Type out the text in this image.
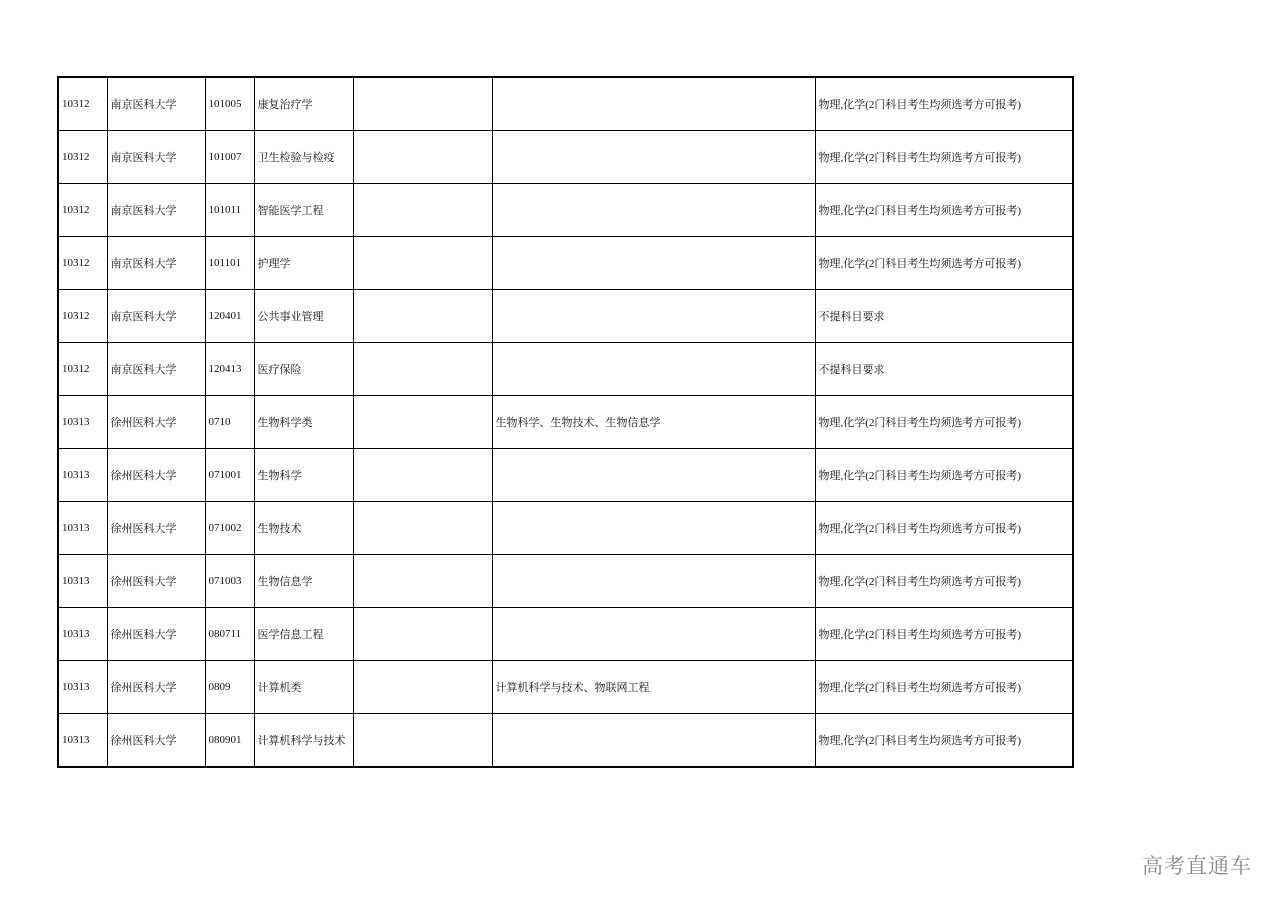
10312	南京医科大学	101005	康复治疗学			物理,化学(2门科目考生均须选考方可报考)
10312	南京医科大学	101007	卫生检验与检疫			物理,化学(2门科目考生均须选考方可报考)
10312	南京医科大学	101011	智能医学工程			物理,化学(2门科目考生均须选考方可报考)
10312	南京医科大学	101101	护理学			物理,化学(2门科目考生均须选考方可报考)
10312	南京医科大学	120401	公共事业管理			不提科目要求
10312	南京医科大学	120413	医疗保险			不提科目要求
10313	徐州医科大学	0710	生物科学类		生物科学、生物技术、生物信息学	物理,化学(2门科目考生均须选考方可报考)
10313	徐州医科大学	071001	生物科学			物理,化学(2门科目考生均须选考方可报考)
10313	徐州医科大学	071002	生物技术			物理,化学(2门科目考生均须选考方可报考)
10313	徐州医科大学	071003	生物信息学			物理,化学(2门科目考生均须选考方可报考)
10313	徐州医科大学	080711	医学信息工程			物理,化学(2门科目考生均须选考方可报考)
10313	徐州医科大学	0809	计算机类		计算机科学与技术、物联网工程	物理,化学(2门科目考生均须选考方可报考)
10313	徐州医科大学	080901	计算机科学与技术			物理,化学(2门科目考生均须选考方可报考)
高考直通车
